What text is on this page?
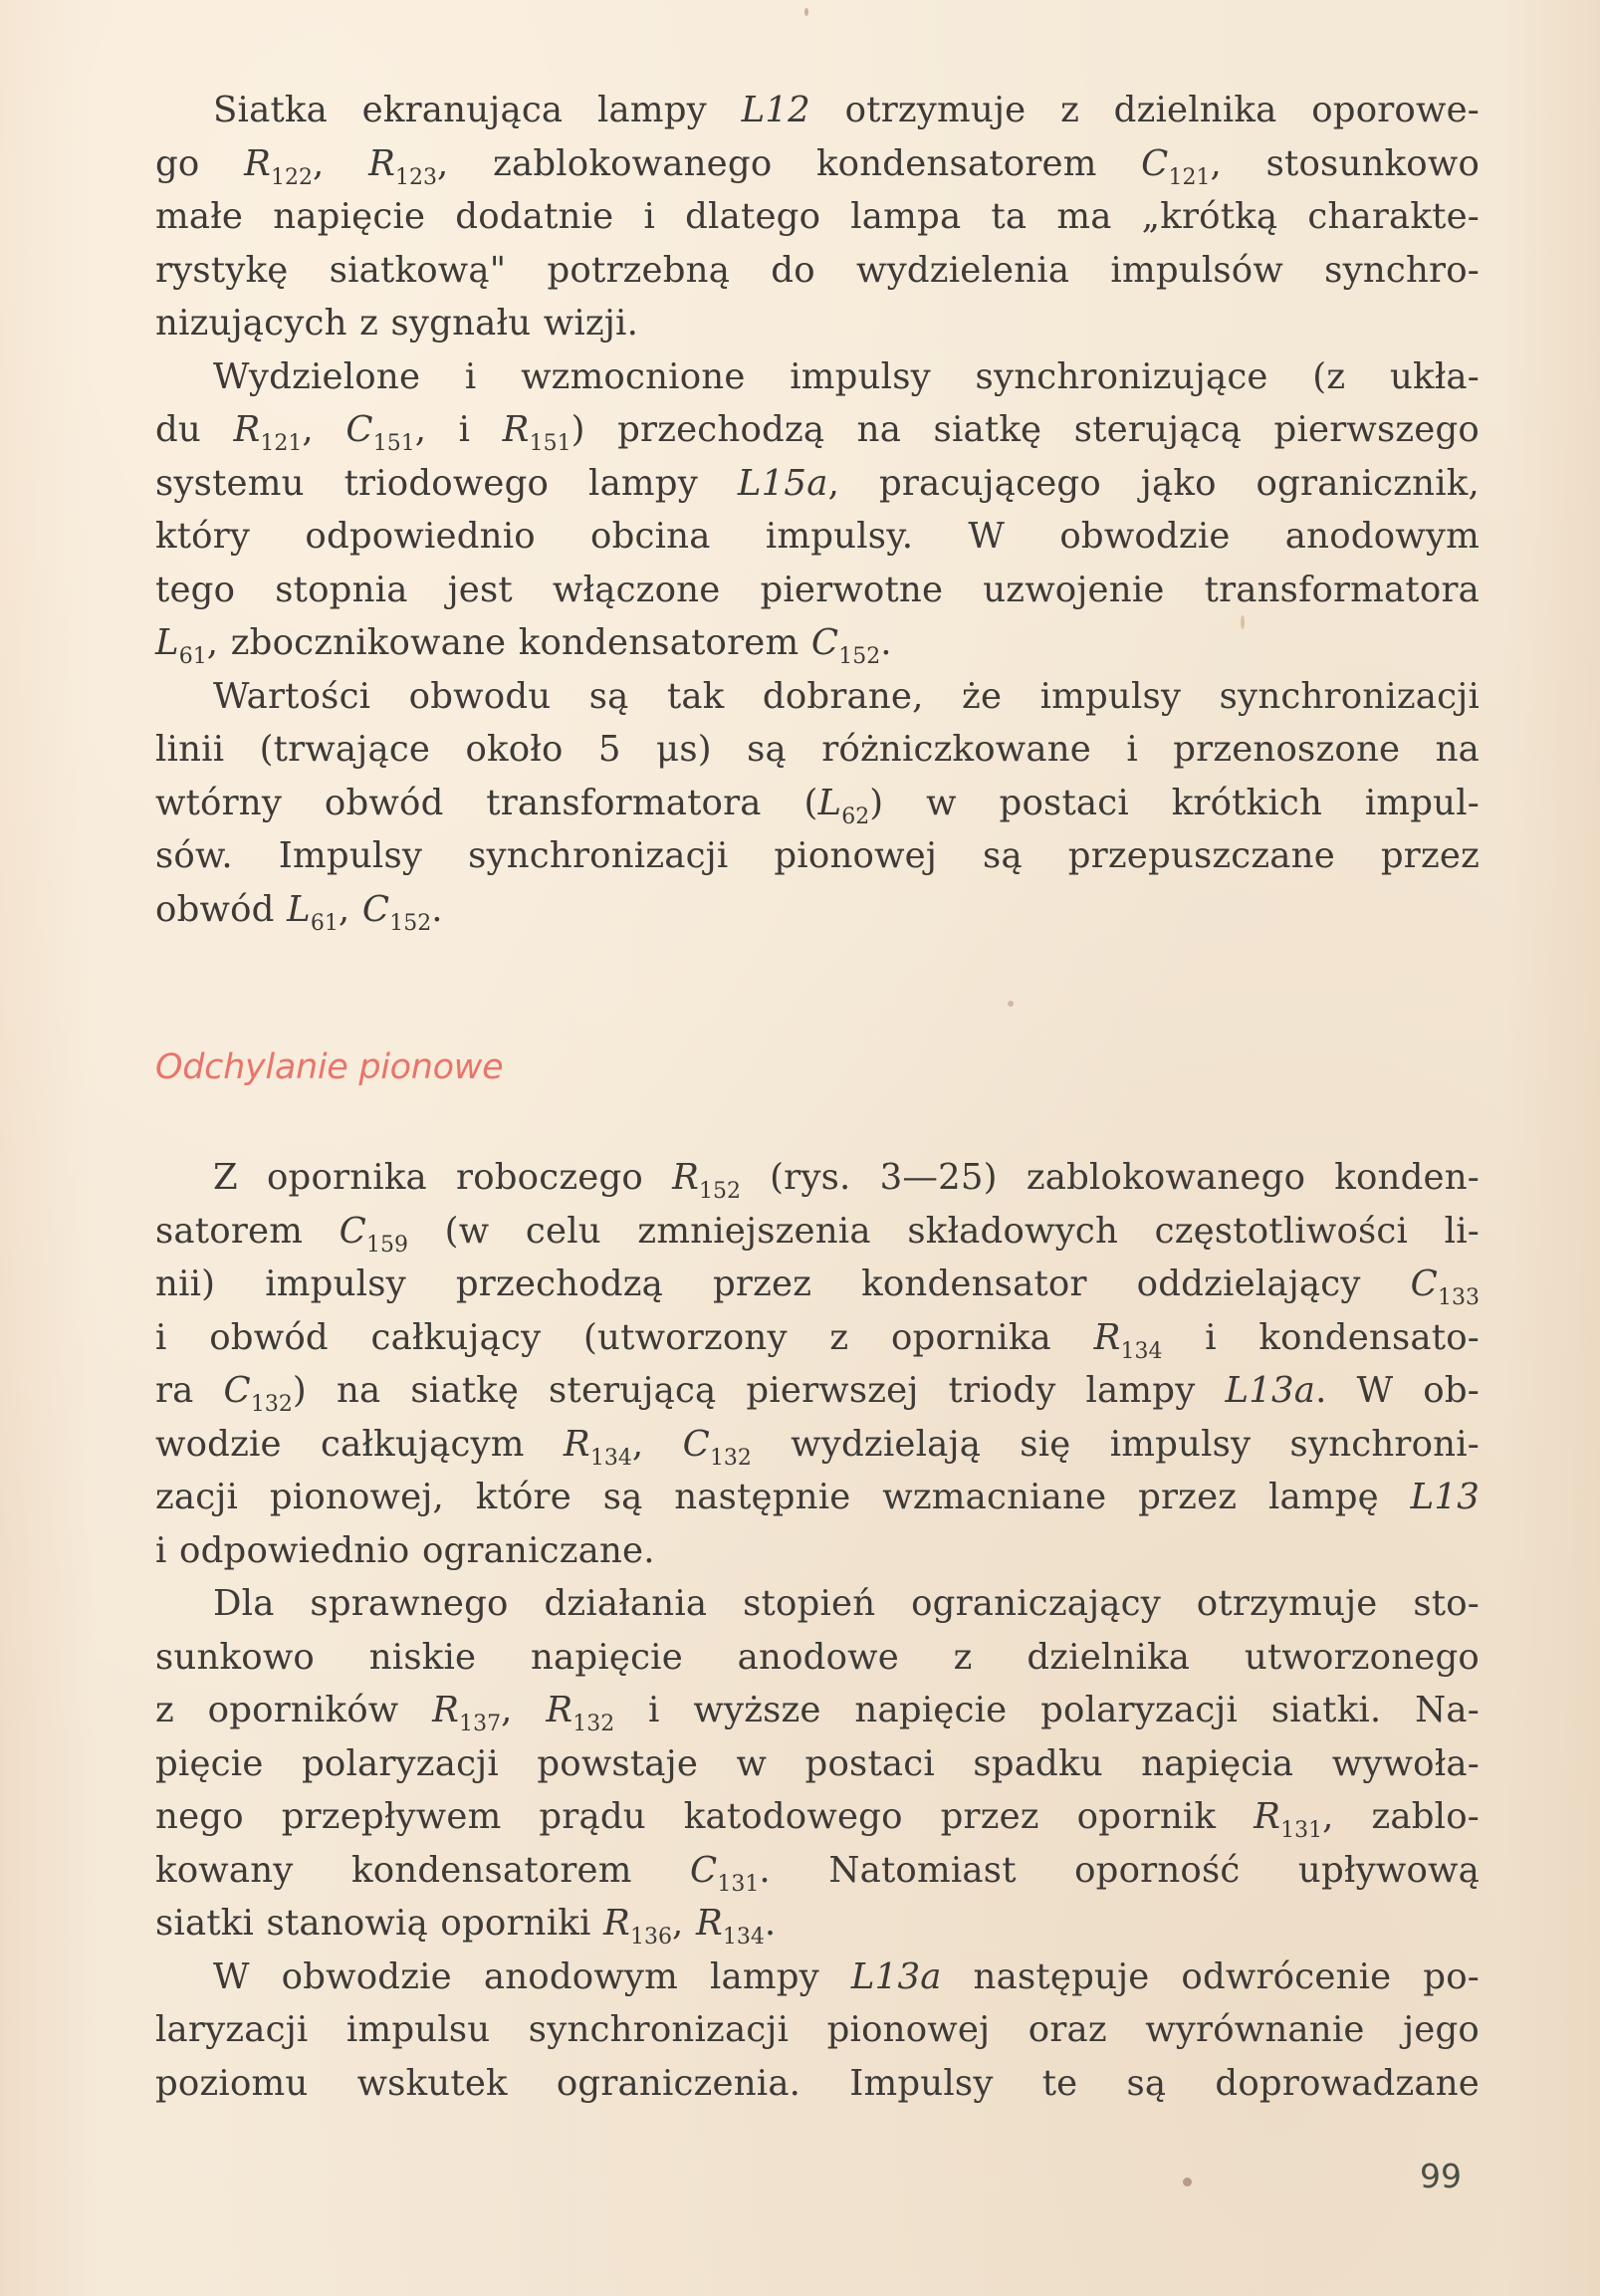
Siatka ekranująca lampy L12 otrzymuje z dzielnika oporowe-
go $R_{122}$, $R_{123}$, zablokowanego kondensatorem $C_{121}$, stosunkowo
małe napięcie dodatnie i dlatego lampa ta ma „krótką charakte-
rystykę siatkową" potrzebną do wydzielenia impulsów synchro-
nizujących z sygnału wizji.
Wydzielone i wzmocnione impulsy synchronizujące (z ukła-
du $R_{121}$, $C_{151}$, i $R_{151}$) przechodzą na siatkę sterującą pierwszego
systemu triodowego lampy L15a, pracującego jąko ogranicznik,
który odpowiednio obcina impulsy. W obwodzie anodowym
tego stopnia jest włączone pierwotne uzwojenie transformatora
$L_{61}$, zbocznikowane kondensatorem $C_{152}$.
Wartości obwodu są tak dobrane, że impulsy synchronizacji
linii (trwające około 5 μs) są różniczkowane i przenoszone na
wtórny obwód transformatora $(L_{62})$ w postaci krótkich impul-
sów. Impulsy synchronizacji pionowej są przepuszczane przez
obwód $L_{61}$, $C_{152}$.
Odchylanie pionowe
Z opornika roboczego $R_{152}$ (rys. 3—25) zablokowanego konden-
satorem $C_{159}$ (w celu zmniejszenia składowych częstotliwości li-
nii) impulsy przechodzą przez kondensator oddzielający $C_{133}$
i obwód całkujący (utworzony z opornika $R_{134}$ i kondensato-
ra $C_{132}$) na siatkę sterującą pierwszej triody lampy L13a. W ob-
wodzie całkującym $R_{134}$, $C_{132}$ wydzielają się impulsy synchroni-
zacji pionowej, które są następnie wzmacniane przez lampę L13
i odpowiednio ograniczane.
Dla sprawnego działania stopień ograniczający otrzymuje sto-
sunkowo niskie napięcie anodowe z dzielnika utworzonego
z oporników $R_{137}$, $R_{132}$ i wyższe napięcie polaryzacji siatki. Na-
pięcie polaryzacji powstaje w postaci spadku napięcia wywoła-
nego przepływem prądu katodowego przez opornik $R_{131}$, zablo-
kowany kondensatorem $C_{131}$. Natomiast oporność upływową
siatki stanowią oporniki $R_{136}$, $R_{134}$.
W obwodzie anodowym lampy L13a następuje odwrócenie po-
laryzacji impulsu synchronizacji pionowej oraz wyrównanie jego
poziomu wskutek ograniczenia. Impulsy te są doprowadzane
99
